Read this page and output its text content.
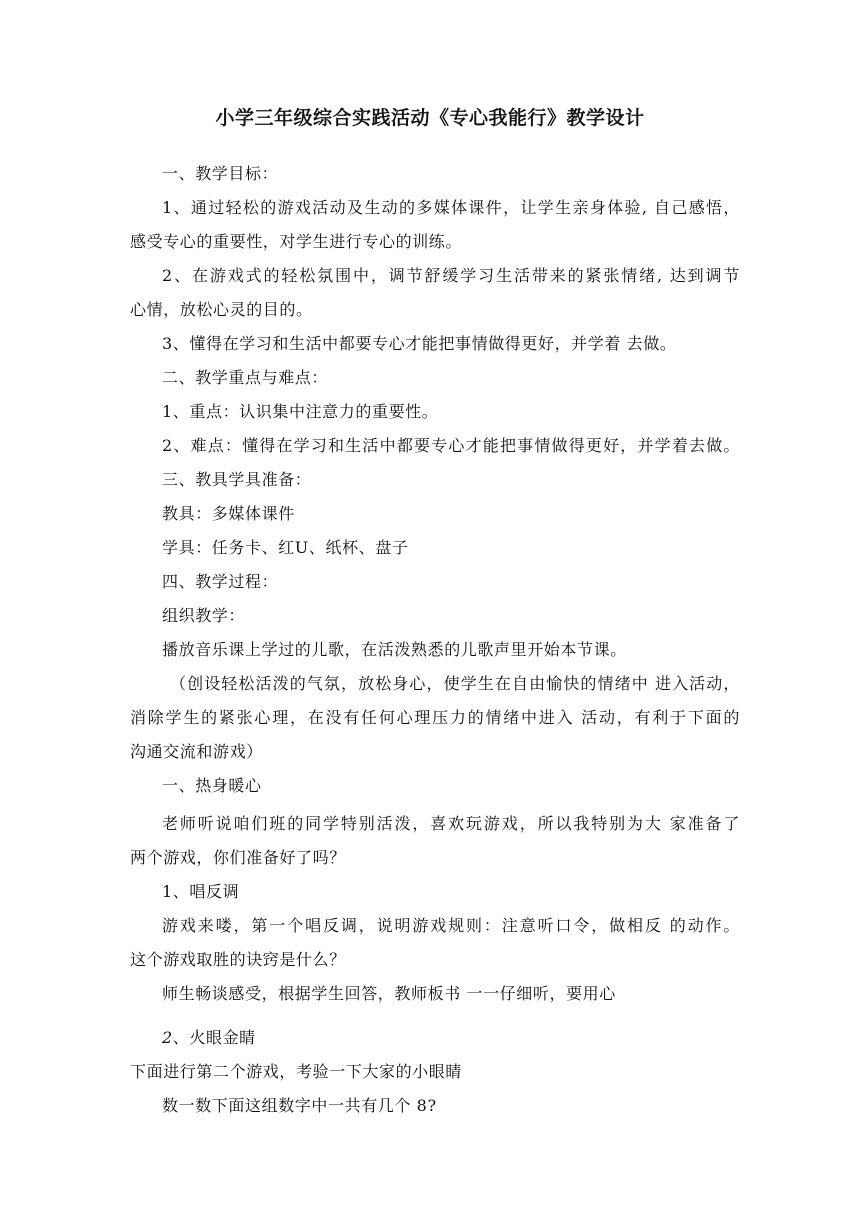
小学三年级综合实践活动《专心我能行》教学设计
一、教学目标：
1、通过轻松的游戏活动及生动的多媒体课件，让学生亲身体验, 自己感悟，
感受专心的重要性，对学生进行专心的训练。
2、在游戏式的轻松氛围中，调节舒缓学习生活带来的紧张情绪, 达到调节
心情，放松心灵的目的。
3、懂得在学习和生活中都要专心才能把事情做得更好，并学着 去做。
二、教学重点与难点：
1、重点：认识集中注意力的重要性。
2、难点：懂得在学习和生活中都要专心才能把事情做得更好，并学着去做。
三、教具学具准备：
教具：多媒体课件
学具：任务卡、红U、纸杯、盘子
四、教学过程：
组织教学：
播放音乐课上学过的儿歌，在活泼熟悉的儿歌声里开始本节课。
（创设轻松活泼的气氛，放松身心，使学生在自由愉快的情绪中 进入活动，
消除学生的紧张心理，在没有任何心理压力的情绪中进入 活动，有利于下面的
沟通交流和游戏）
一、热身暖心
老师听说咱们班的同学特别活泼，喜欢玩游戏，所以我特别为大 家准备了
两个游戏，你们准备好了吗？
1、唱反调
游戏来喽，第一个唱反调，说明游戏规则：注意听口令，做相反 的动作。
这个游戏取胜的诀窍是什么？
师生畅谈感受，根据学生回答，教师板书 一一仔细听，要用心
2、火眼金睛
下面进行第二个游戏，考验一下大家的小眼睛
数一数下面这组数字中一共有几个 8?
